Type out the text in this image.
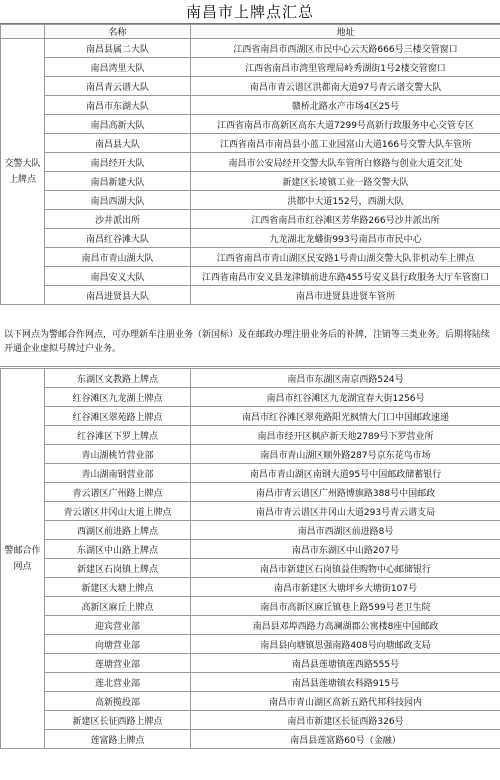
南昌市上牌点汇总
	名称	地址
交警大队上牌点	南昌县属二大队	江西省南昌市西湖区市民中心云天路666号三楼交管窗口
	南昌湾里大队	江西省南昌市湾里管理局岭秀湖街1号2楼交管窗口
	南昌青云谱大队	南昌市青云谱区洪都南大道97号青云谱交警大队
	南昌市东湖大队	赣桥北路水产市场4区25号
	南昌高新大队	江西省南昌市高新区高东大道7299号高新行政服务中心交管专区
	南昌县大队	江西省南昌市南昌县小蓝工业园富山大道166号交警大队车管所
	南昌经开大队	南昌市公安局经开交警大队车管所白修路与创业大道交汇处
	南昌新建大队	新建区长堎镇工业一路交警大队
	南昌西湖大队	洪都中大道152号，西湖大队
	沙井派出所	江西省南昌市红谷滩区芳华路266号沙井派出所
	南昌红谷滩大队	九龙湖北龙蟠街993号南昌市市民中心
	南昌市青山湖大队	江西省南昌市青山湖区民安路1号青山湖交警大队非机动车上牌点
	南昌安义大队	江西省南昌市安义县龙津镇前进东路455号安义县行政服务大厅车管窗口
	南昌进贤县大队	南昌市进贤县进贤车管所
以下网点为警邮合作网点，可办理新车注册业务（新国标）及在邮政办理注册业务后的补牌，注销等三类业务。后期将陆续开通企业虚拟号牌过户业务。
警邮合作网点	东湖区文教路上牌点	南昌市东湖区南京西路524号
	红谷滩区九龙湖上牌点	南昌市红谷滩区九龙湖宜春大街1256号
	红谷滩区翠苑路上牌点	南昌市红谷滩区翠苑路阳光枫情大门口中国邮政速递
	红谷滩区下罗上牌点	南昌市经开区枫庐新天地2789号下罗营业所
	青山湖桃竹营业部	南昌市青山湖区顺外路287号京东花鸟市场
	青山湖南钢营业部	南昌市青山湖区南钢大道95号中国邮政储蓄银行
	青云谱区广州路上牌点	南昌市青云谱区广州路博旗路388号中国邮政
	青云谱区井冈山大道上牌点	南昌市青云谱区井冈山大道293号青云谱支局
	西湖区前进路上牌点	南昌市西湖区前进路8号
	东湖区中山路上牌点	南昌市东湖区中山路207号
	新建区石岗镇上牌点	南昌市新建区石岗镇益佳购物中心邮储银行
	新建区大塘上牌点	南昌市新建区大塘坪乡大塘街107号
	高新区麻丘上牌点	南昌市高新区麻丘镇巷上路599号老卫生院
	迎宾营业部	南昌县邓埠西路力高澜湖郡公寓楼8座中国邮政
	向塘营业部	南昌县向塘镇思强南路408号向塘邮政支局
	莲塘营业部	南昌县莲塘镇莲西路555号
	莲北营业部	南昌县莲塘镇农科路915号
	高新揽投部	南昌市青山湖区高新五路代邦科技园内
	新建区长征西路上牌点	南昌市新建区长征西路326号
	莲富路上牌点	南昌县莲富路60号（金融）
